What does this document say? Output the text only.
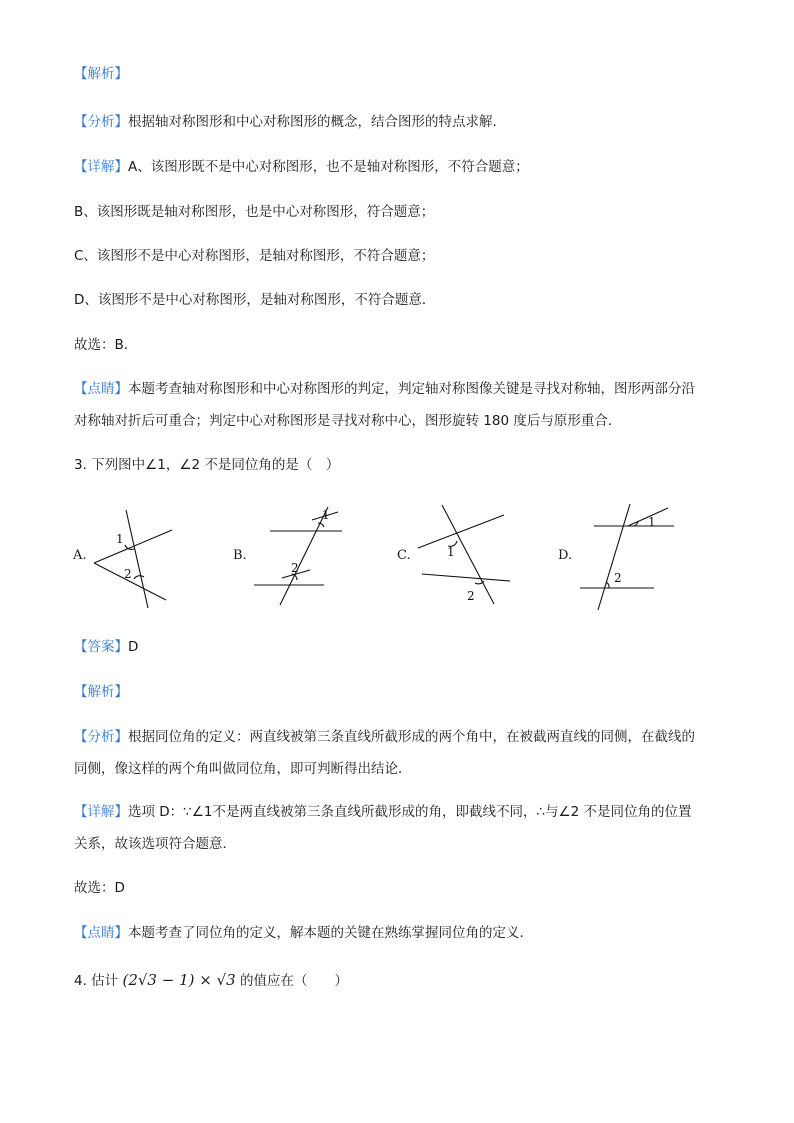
【解析】
【分析】根据轴对称图形和中心对称图形的概念，结合图形的特点求解．
【详解】A、该图形既不是中心对称图形，也不是轴对称图形，不符合题意；
B、该图形既是轴对称图形，也是中心对称图形，符合题意；
C、该图形不是中心对称图形，是轴对称图形，不符合题意；
D、该图形不是中心对称图形，是轴对称图形，不符合题意．
故选：B．
【点睛】本题考查轴对称图形和中心对称图形的判定，判定轴对称图像关键是寻找对称轴，图形两部分沿
对称轴对折后可重合；判定中心对称图形是寻找对称中心，图形旋转 180 度后与原形重合．
3. 下列图中∠1，∠2 不是同位角的是（　）
A.
1
2
B.
1
2
C.	1
2
D.
1
2
【答案】D
【解析】
【分析】根据同位角的定义：两直线被第三条直线所截形成的两个角中，在被截两直线的同侧，在截线的
同侧，像这样的两个角叫做同位角，即可判断得出结论．
【详解】选项 D：∵∠1不是两直线被第三条直线所截形成的角，即截线不同，∴与∠2 不是同位角的位置
关系，故该选项符合题意．
故选：D
【点睛】本题考查了同位角的定义，解本题的关键在熟练掌握同位角的定义．
4. 估计 (2√3 − 1) × √3 的值应在（　　）
